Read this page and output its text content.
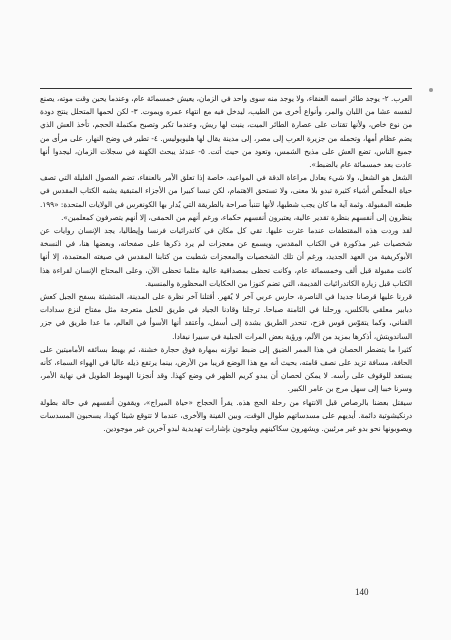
العرب. ٢- يوجد طائر اسمه العنقاء، ولا يوجد منه سوى واحد في الزمان، يعيش خمسمائة عام، وعندما يحين وقت موته، يصنع لنفسه عشا من اللبان والمر، وأنواع أخرى من الطيب، ليدخل فيه مع انتهاء عمره ويموت. ٣- لكن لحمها المتحلل ينتج دودة من نوع خاص، ولأنها تقتات على عصارة الطائر الميت، ينبت لها ريش، وعندما تكبر وتصبح مكتملة الحجم، تأخذ العش الذي يضم عظام أمها، وتحمله من جزيرة العرب إلى مصر، إلى مدينة يقال لها هليوبوليس. ٤- تطير في وضح النهار، على مرأى من جميع الناس، تضع العش على مذبح الشمس، وتعود من حيث أتت. ٥- عندئذ يبحث الكهنة في سجلات الزمان، ليجدوا أنها عادت بعد خمسمائة عام بالضبط».

الشغل هو الشغل، ولا شيء يعادل مراعاة الدقة في المواعيد، خاصة إذا تعلق الأمر بالعنقاء، تضم الفصول القليلة التي تصف حياة المخلّص أشياء كثيرة تبدو بلا معنى، ولا تستحق الاهتمام، لكن تبسا كبيرا من الأجزاء المتبقية يشبه الكتاب المقدس في طبعته المقبولة. وثمة آية ما كان يجب شطبها، لأنها تتنبأ صراحة بالطريقة التي يُدار بها الكونغرس في الولايات المتحدة: «١٩٩. ينظرون إلى أنفسهم بنظرة تقدير عالية، يعتبرون أنفسهم حكماء، ورغم أنهم من الحمقى، إلا أنهم يتصرفون كمعلمين».

لقد وردت هذه المقتطفات عندما عثرت عليها. تقي كل مكان في كاتدرائيات فرنسا وإيطاليا، يجد الإنسان روايات عن شخصيات غير مذكورة في الكتاب المقدس، ويسمع عن معجزات لم يرد ذكرها على صفحاته، وبعضها هنا، في النسخة الأبوكريفية من العهد الجديد، ورغم أن تلك الشخصيات والمعجزات شطبت من كتابنا المقدس في صيغته المعتمدة، إلا أنها كانت مقبولة قبل ألف وخمسمائة عام، وكانت تحظى بمصداقية عالية مثلما تحظى الآن، وعلى المحتاج الإنسان لقراءة هذا الكتاب قبل زيارة الكاتدرائيات القديمة، التي تضم كنوزا من الحكايات المحظورة والمنسية.

قررنا عليها قرصانا جديدا في الناصرة، حارس عربي آخر لا يُقهر. أقتلنا آخر نظرة على المدينة، المتشبثة بسفح الجبل كعش دبابير معلقي بالكلس، ورحلنا في الثامنة صباحا. ترجلنا وقادنا الجياد في طريق للخيل متعرجة مثل مفتاح لنزع سدادات القناني، وكما يتقوّس قوس قزح، تنحدر الطريق بشدة إلى أسفل، وأعتقد أنها الأسوأ في العالم، ما عدا طريق في جزر الساندويتش، أذكرها بمزيد من الألم، ورؤية بعض المرات الجبلية في سييرا نيفادا.

كثيرا ما يتضطر الحصان في هذا الممر الضيق إلى ضبط توازنه بمهارة فوق حجارة خشنة، ثم يهبط بسائقه الأماميتين على الحافة، مسافة تزيد على نصف قامته، بحيث أنه مع هذا الوضع قريبا من الأرض، بينما يرتفع ذيله عاليا في الهواء السماء، كأنه يستعد للوقوف على رأسه. لا يمكن لحصان أن يبدو كريم الظهر في وضع كهذا. وقد أنجزنا الهبوط الطويل في نهاية الأمر، وسرنا خببا إلى سهل مرج بن عامر الكبير.

سيقتل بعضنا بالرصاص قبل الانتهاء من رحلة الحج هذه. يقرأ الحجاج «حياة الميراج»، ويقفون أنفسهم في حالة بطولة درنكيشوتية دائمة. أيديهم على مسدساتهم طوال الوقت، وبين الفينة والأخرى، عندما لا تتوقع شيئا كهذا، يسحبون المسدسات ويصوبونها نحو بدو غير مرئيين. ويشهرون سكاكينهم ويلوحون بإشارات تهديدية لبدو آخرين غير موجودين.

140
